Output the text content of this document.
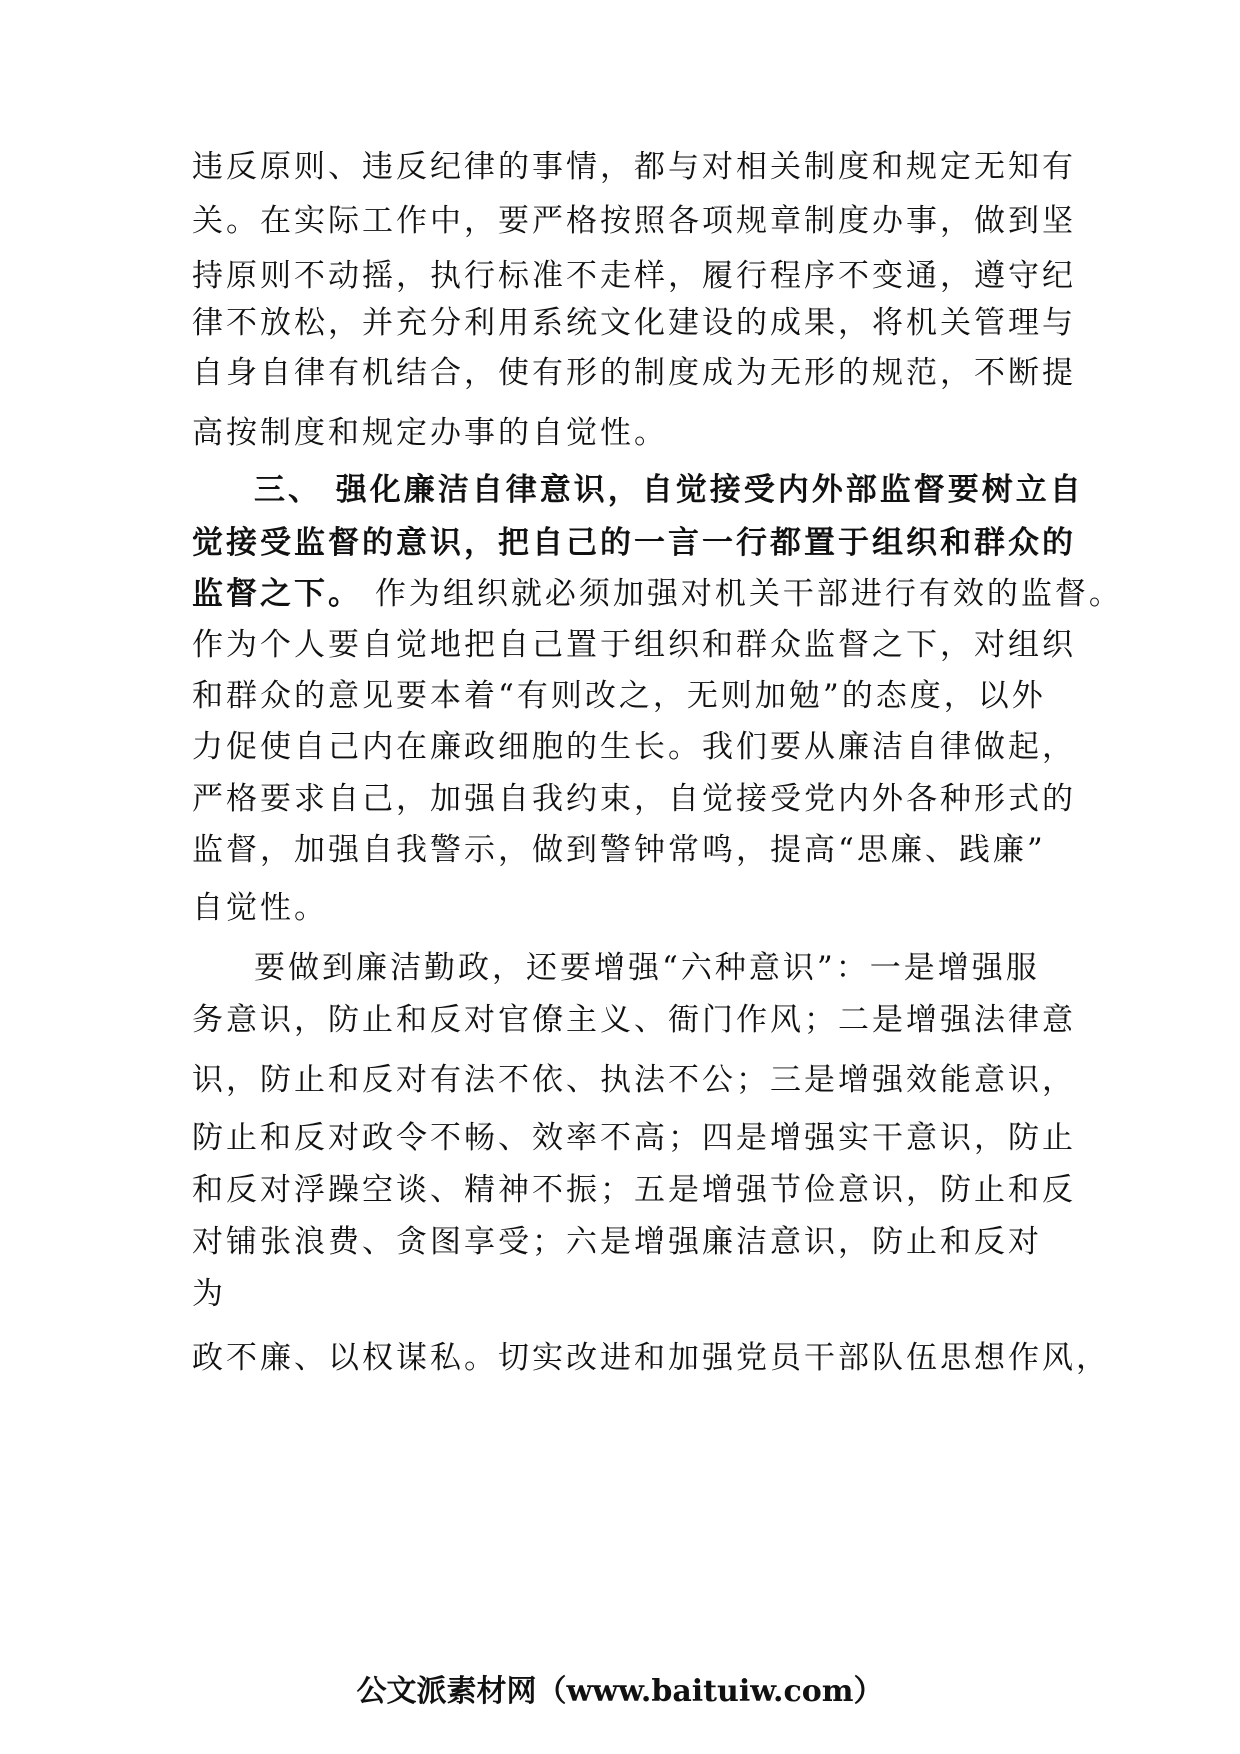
违反原则、违反纪律的事情，都与对相关制度和规定无知有
关。在实际工作中，要严格按照各项规章制度办事，做到坚
持原则不动摇，执行标准不走样，履行程序不变通，遵守纪
律不放松，并充分利用系统文化建设的成果，将机关管理与
自身自律有机结合，使有形的制度成为无形的规范，不断提
高按制度和规定办事的自觉性。
三、 强化廉洁自律意识，自觉接受内外部监督要树立自
觉接受监督的意识，把自己的一言一行都置于组织和群众的
监督之下。 作为组织就必须加强对机关干部进行有效的监督。
作为个人要自觉地把自己置于组织和群众监督之下，对组织
和群众的意见要本着“有则改之，无则加勉”的态度，以外
力促使自己内在廉政细胞的生长。我们要从廉洁自律做起，
严格要求自己，加强自我约束，自觉接受党内外各种形式的
监督，加强自我警示，做到警钟常鸣，提高“思廉、践廉”
自觉性。
要做到廉洁勤政，还要增强“六种意识”：一是增强服
务意识，防止和反对官僚主义、衙门作风；二是增强法律意
识，防止和反对有法不依、执法不公；三是增强效能意识，
防止和反对政令不畅、效率不高；四是增强实干意识，防止
和反对浮躁空谈、精神不振；五是增强节俭意识，防止和反
对铺张浪费、贪图享受；六是增强廉洁意识，防止和反对
为
政不廉、以权谋私。切实改进和加强党员干部队伍思想作风，
公文派素材网（www.baituiw.com）
